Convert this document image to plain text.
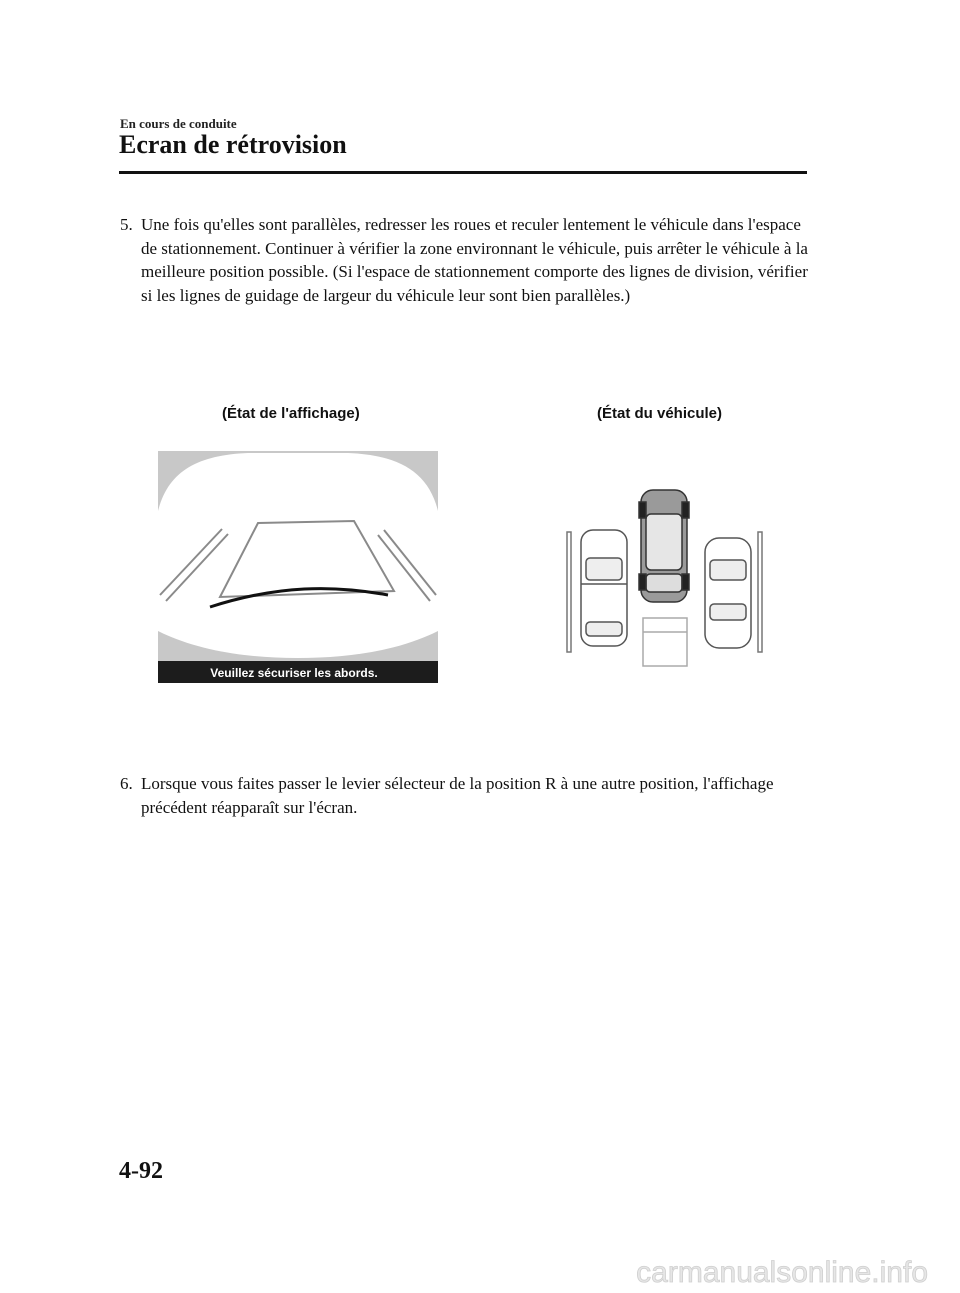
En cours de conduite
Ecran de rétrovision
5. Une fois qu'elles sont parallèles, redresser les roues et reculer lentement le véhicule dans l'espace de stationnement. Continuer à vérifier la zone environnant le véhicule, puis arrêter le véhicule à la meilleure position possible. (Si l'espace de stationnement comporte des lignes de division, vérifier si les lignes de guidage de largeur du véhicule leur sont bien parallèles.)
(État de l'affichage)	(État du véhicule)
Veuillez sécuriser les abords.
6. Lorsque vous faites passer le levier sélecteur de la position R à une autre position, l'affichage précédent réapparaît sur l'écran.
4-92
carmanualsonline.info
